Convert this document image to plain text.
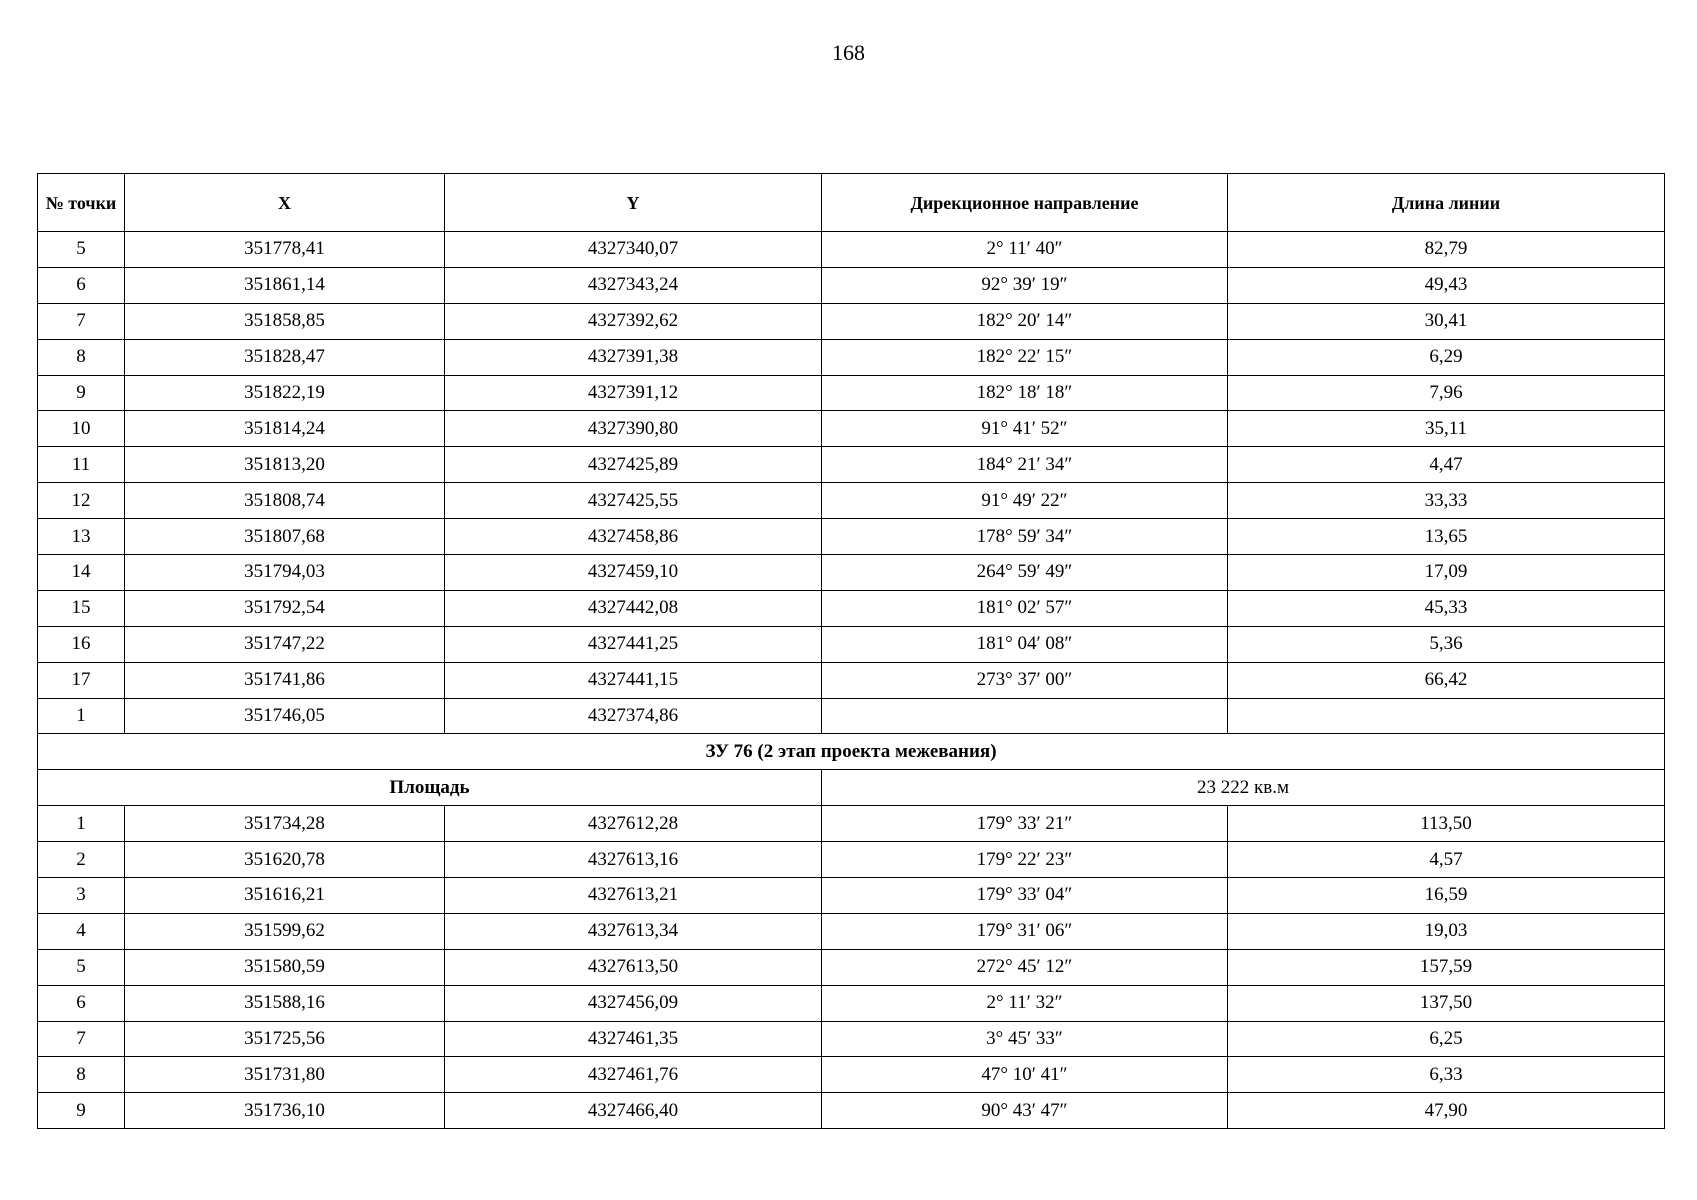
168
№ точки	X	Y	Дирекционное направление	Длина линии
5	351778,41	4327340,07	2° 11′ 40″	82,79
6	351861,14	4327343,24	92° 39′ 19″	49,43
7	351858,85	4327392,62	182° 20′ 14″	30,41
8	351828,47	4327391,38	182° 22′ 15″	6,29
9	351822,19	4327391,12	182° 18′ 18″	7,96
10	351814,24	4327390,80	91° 41′ 52″	35,11
11	351813,20	4327425,89	184° 21′ 34″	4,47
12	351808,74	4327425,55	91° 49′ 22″	33,33
13	351807,68	4327458,86	178° 59′ 34″	13,65
14	351794,03	4327459,10	264° 59′ 49″	17,09
15	351792,54	4327442,08	181° 02′ 57″	45,33
16	351747,22	4327441,25	181° 04′ 08″	5,36
17	351741,86	4327441,15	273° 37′ 00″	66,42
1	351746,05	4327374,86		
ЗУ 76 (2 этап проекта межевания)				
Площадь			23 222 кв.м	
1	351734,28	4327612,28	179° 33′ 21″	113,50
2	351620,78	4327613,16	179° 22′ 23″	4,57
3	351616,21	4327613,21	179° 33′ 04″	16,59
4	351599,62	4327613,34	179° 31′ 06″	19,03
5	351580,59	4327613,50	272° 45′ 12″	157,59
6	351588,16	4327456,09	2° 11′ 32″	137,50
7	351725,56	4327461,35	3° 45′ 33″	6,25
8	351731,80	4327461,76	47° 10′ 41″	6,33
9	351736,10	4327466,40	90° 43′ 47″	47,90
